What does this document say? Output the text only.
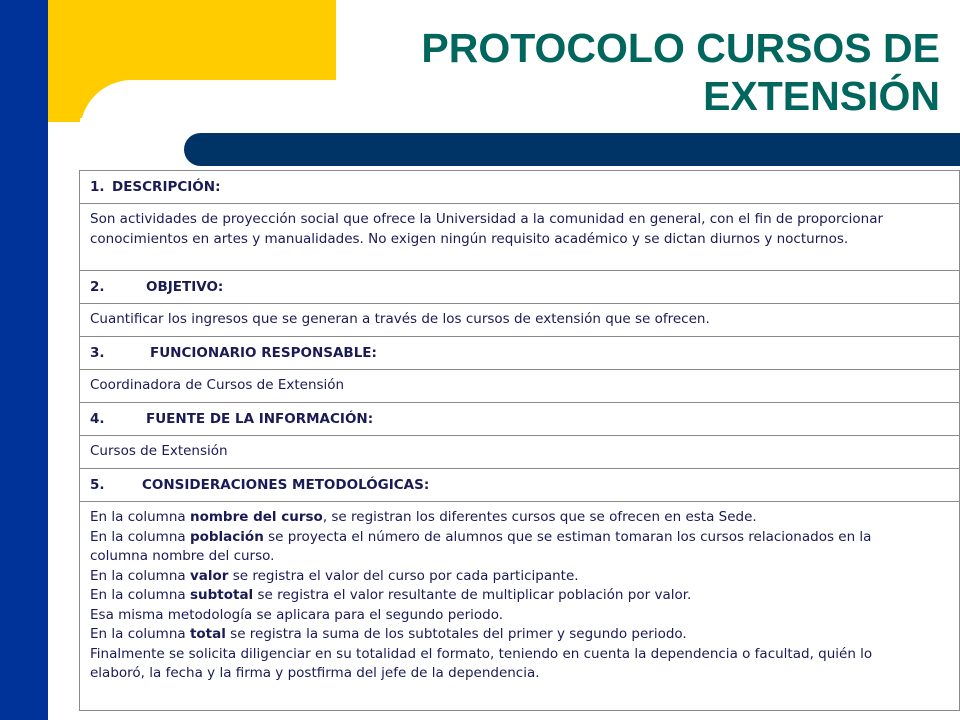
PROTOCOLO CURSOS DE
EXTENSIÓN
1. DESCRIPCIÓN:

Son actividades de proyección social que ofrece la Universidad a la comunidad en general, con el fin de proporcionar
conocimientos en artes y manualidades. No exigen ningún requisito académico y se dictan diurnos y nocturnos.

2.	OBJETIVO:

Cuantificar los ingresos que se generan a través de los cursos de extensión que se ofrecen.

3.	FUNCIONARIO RESPONSABLE:

Coordinadora de Cursos de Extensión

4.	FUENTE DE LA INFORMACIÓN:

Cursos de Extensión

5.	CONSIDERACIONES METODOLÓGICAS:

En la columna nombre del curso, se registran los diferentes cursos que se ofrecen en esta Sede.
En la columna población se proyecta el número de alumnos que se estiman tomaran los cursos relacionados en la
columna nombre del curso.
En la columna valor se registra el valor del curso por cada participante.
En la columna subtotal se registra el valor resultante de multiplicar población por valor.
Esa misma metodología se aplicara para el segundo periodo.
En la columna total se registra la suma de los subtotales del primer y segundo periodo.
Finalmente se solicita diligenciar en su totalidad el formato, teniendo en cuenta la dependencia o facultad, quién lo
elaboró, la fecha y la firma y postfirma del jefe de la dependencia.
